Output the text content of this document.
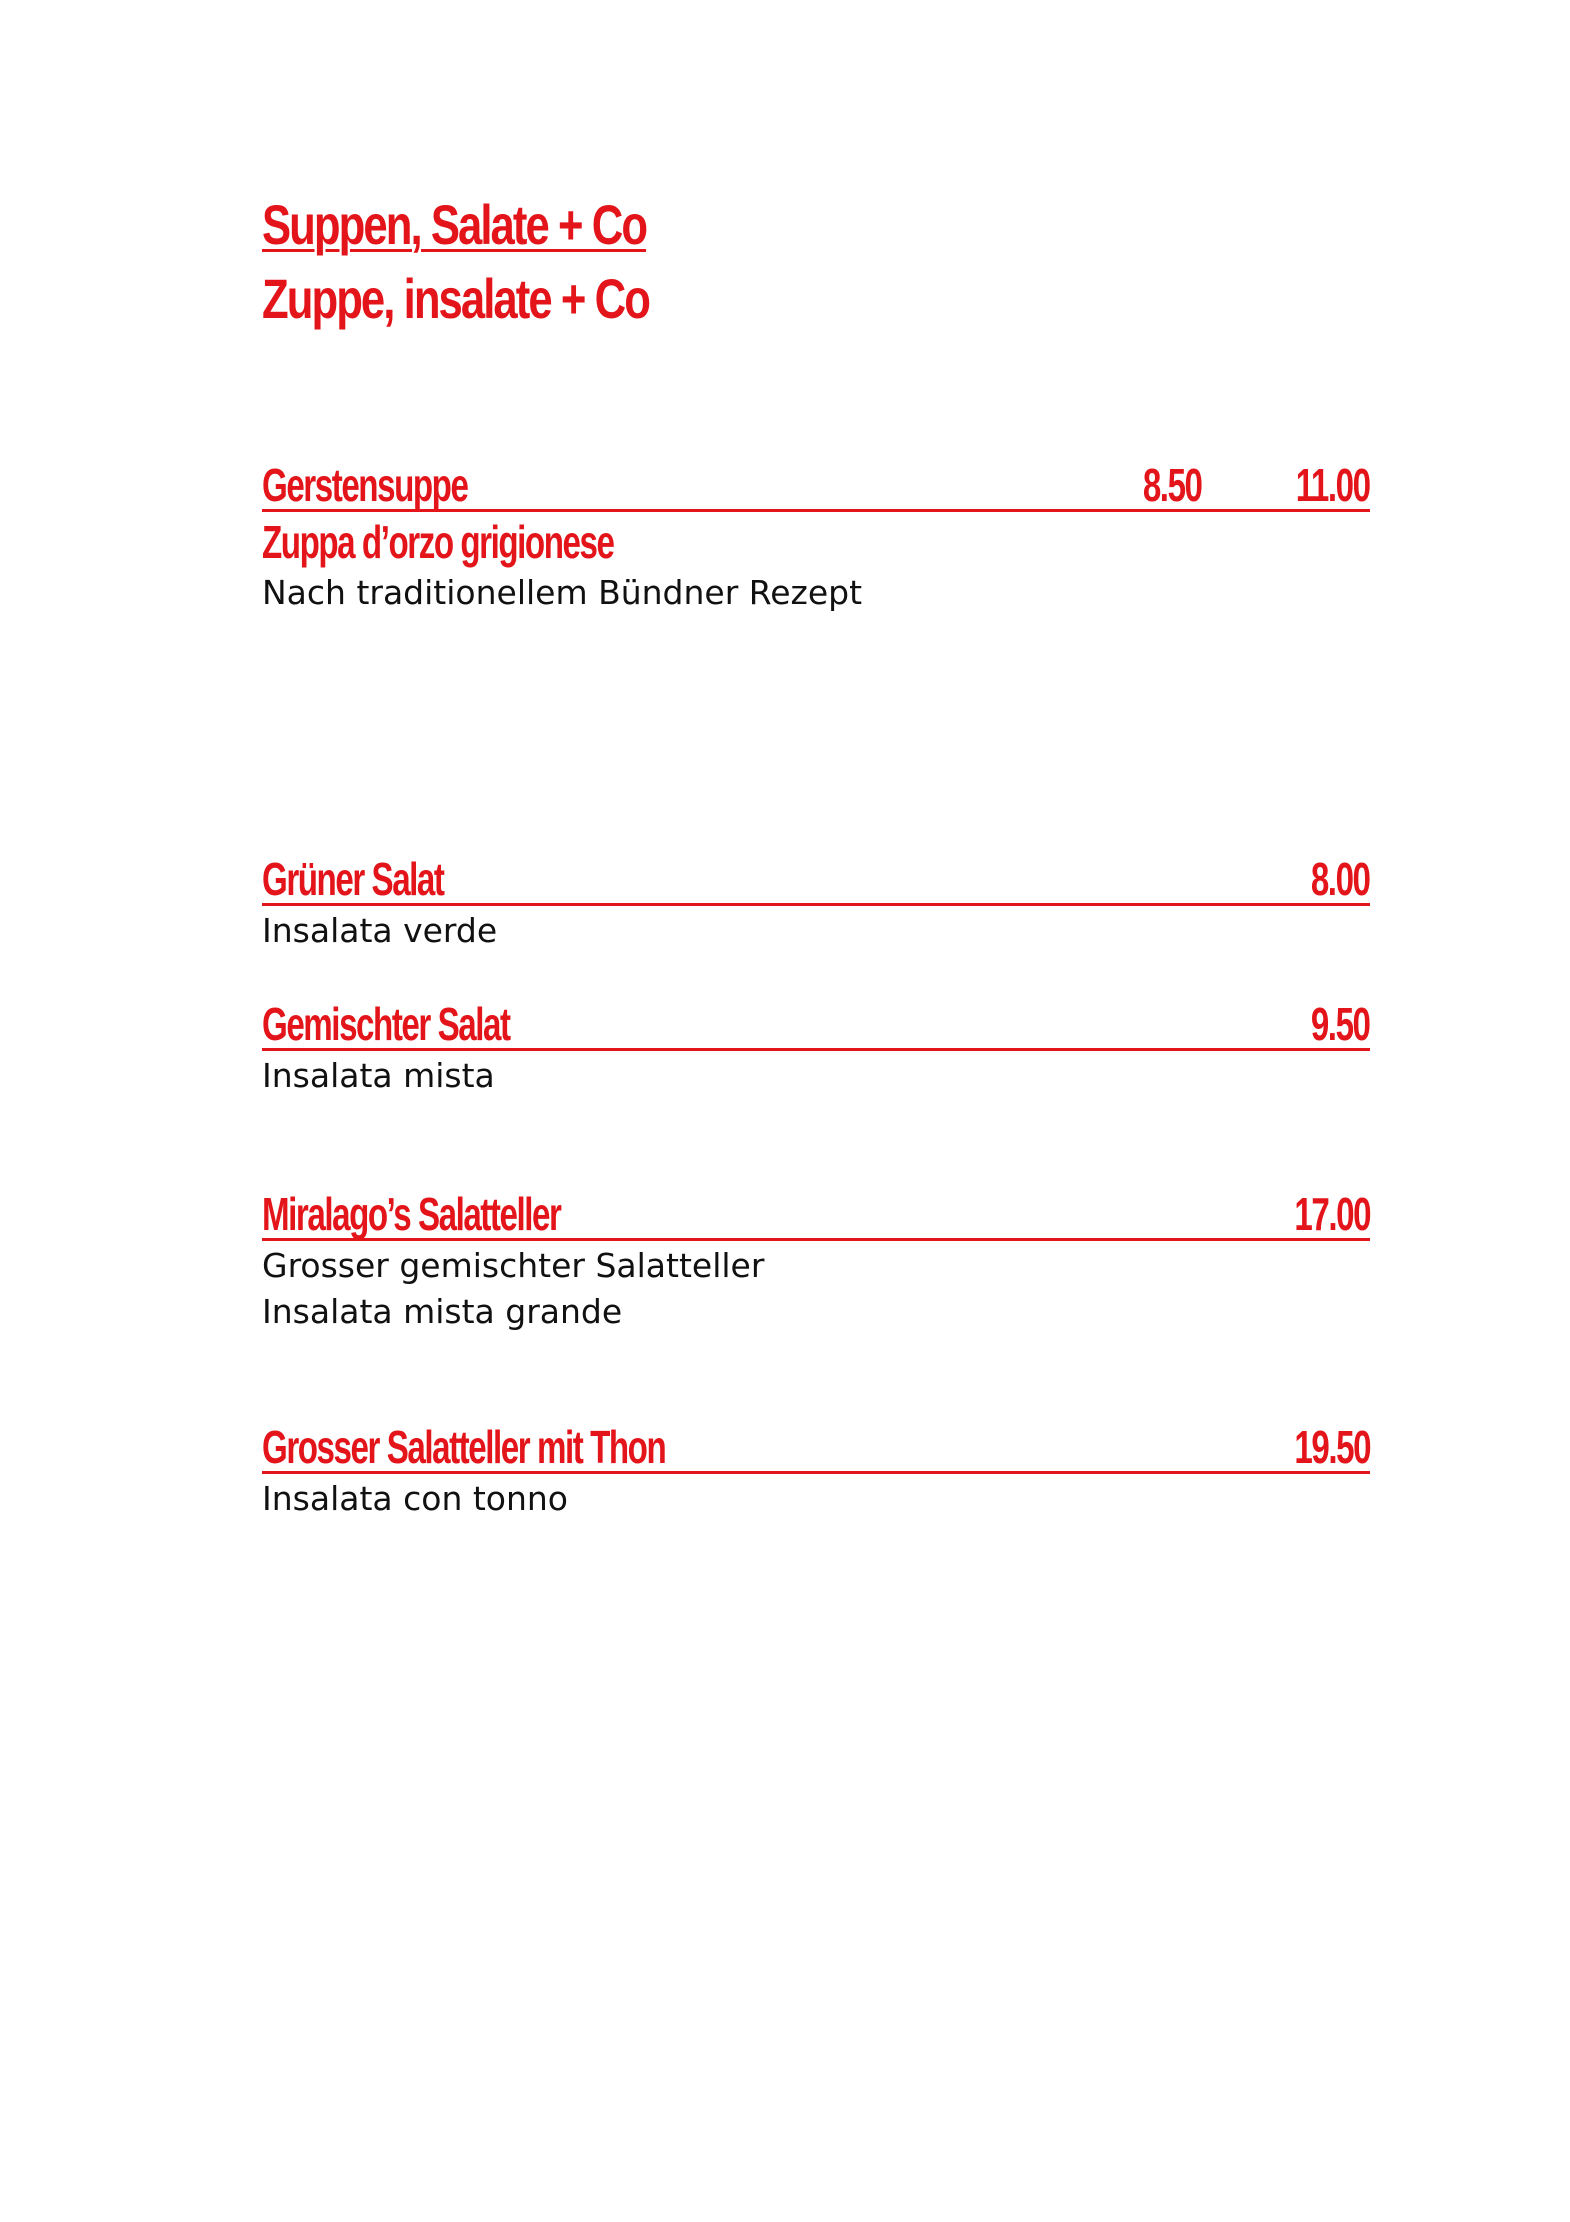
Suppen, Salate + Co
Zuppe, insalate + Co
Gerstensuppe	8.50 11.00
Zuppa d’orzo grigionese
Nach traditionellem Bündner Rezept
Grüner Salat	8.00
Insalata verde
Gemischter Salat	9.50
Insalata mista
Miralago’s Salatteller	17.00
Grosser gemischter Salatteller
Insalata mista grande
Grosser Salatteller mit Thon	19.50
Insalata con tonno
